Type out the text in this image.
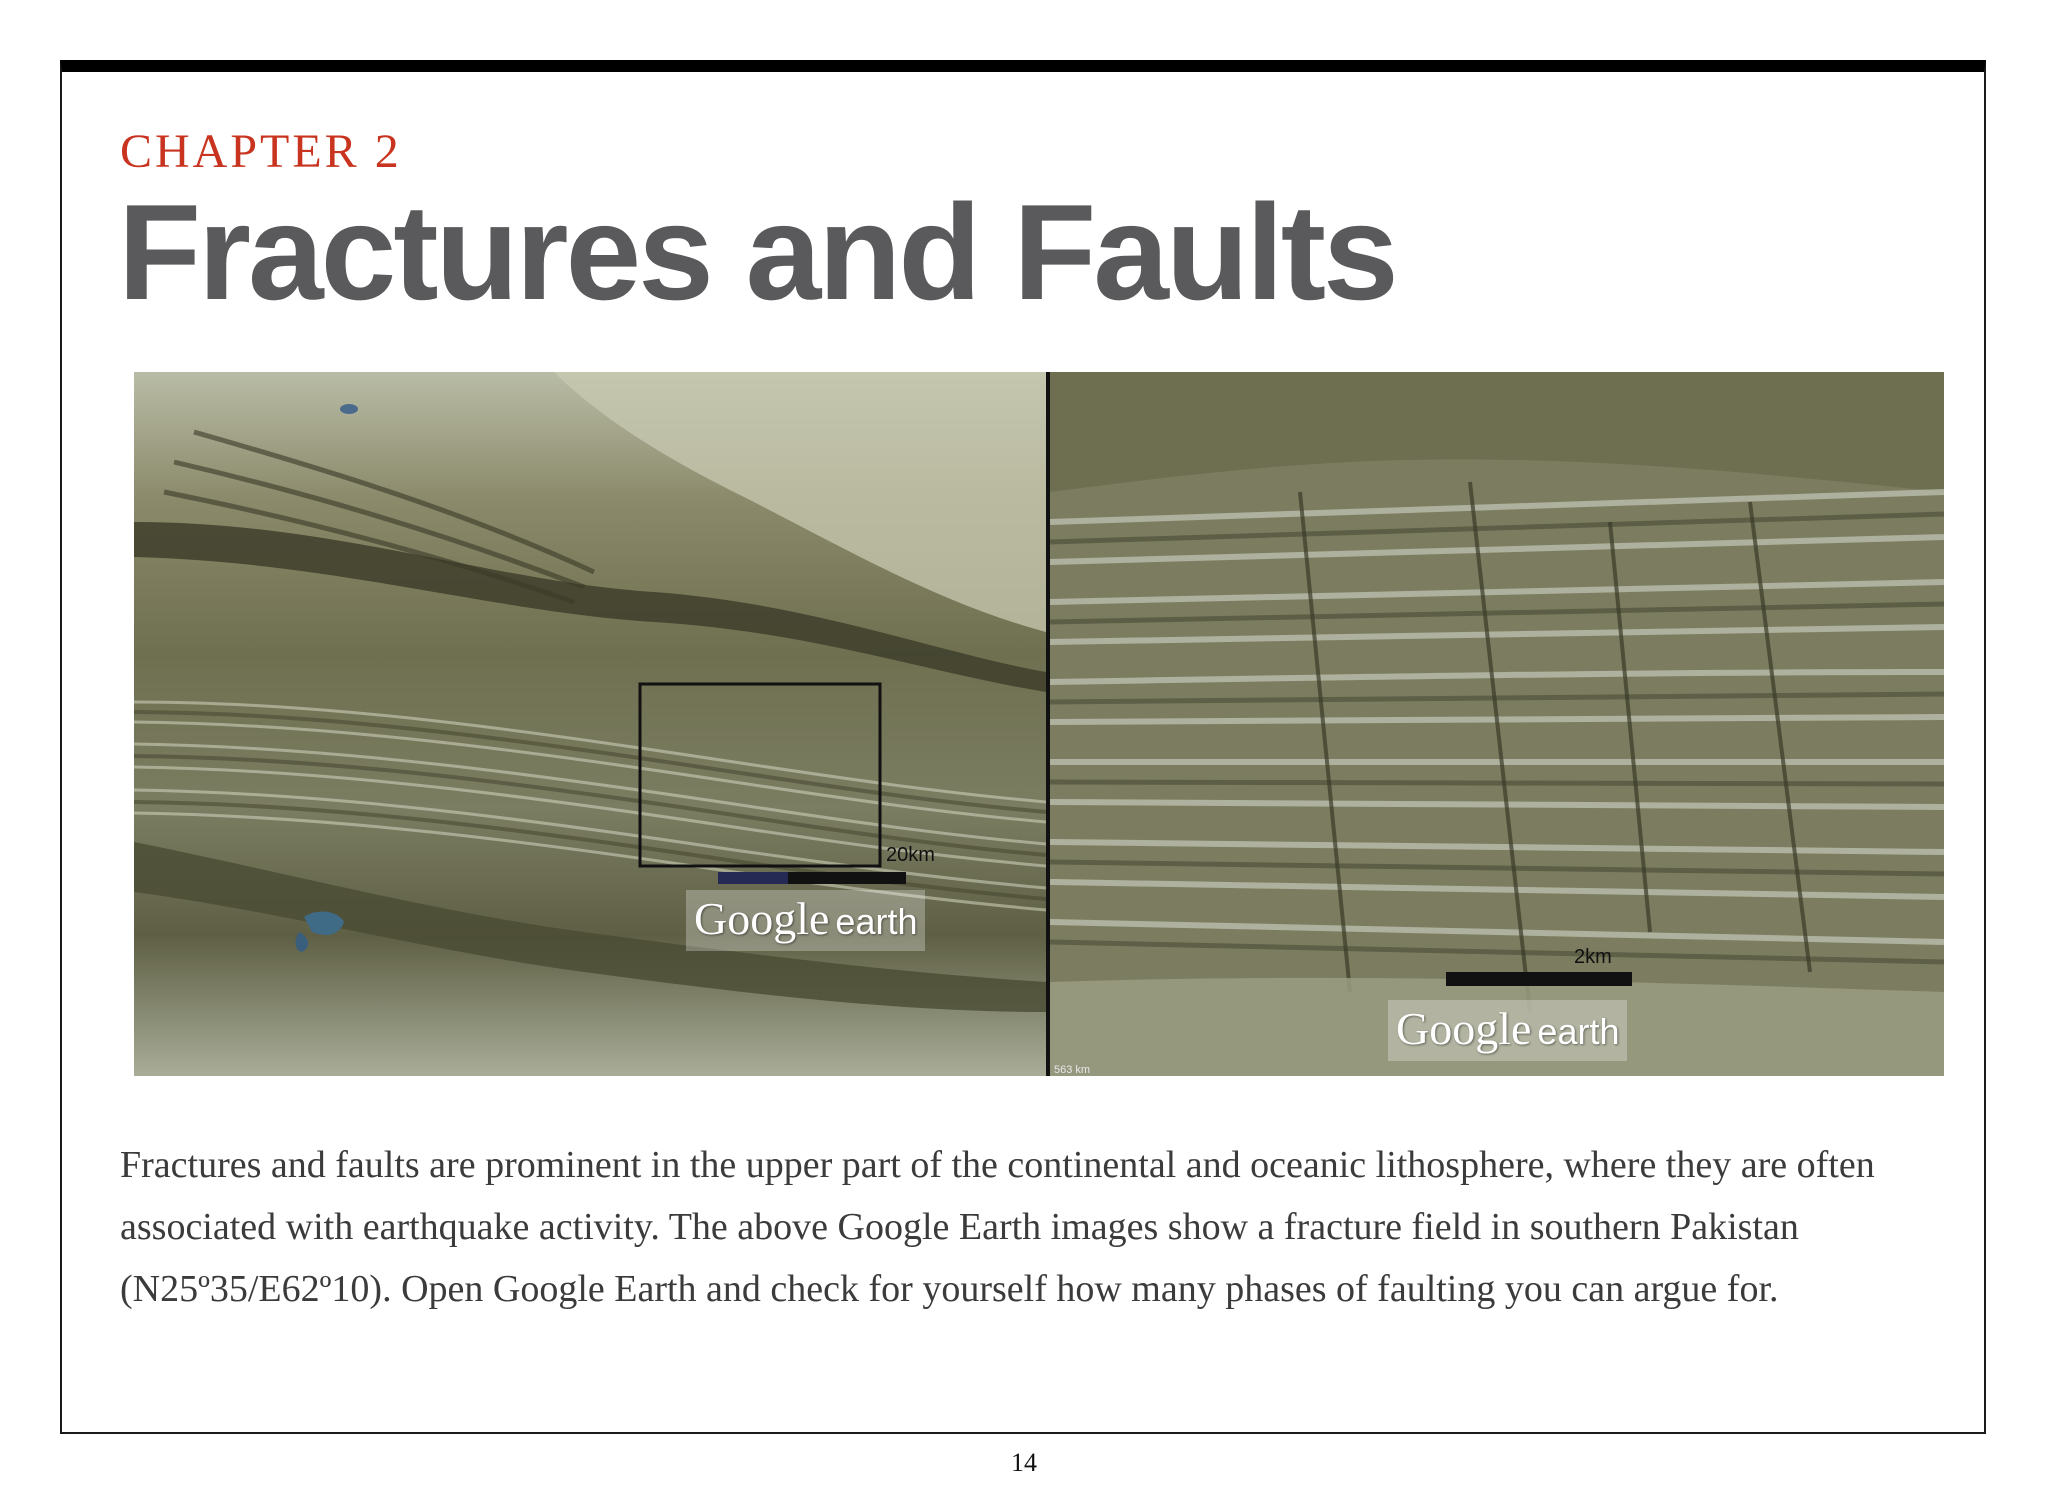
CHAPTER 2
Fractures and Faults
20km
Google earth
2km
Google earth
563 km

Fractures and faults are prominent in the upper part of the continental and oceanic lithosphere, where they are often associated with earthquake activity. The above Google Earth images show a fracture field in southern Pakistan (N25º35/E62º10). Open Google Earth and check for yourself how many phases of faulting you can argue for.

14
